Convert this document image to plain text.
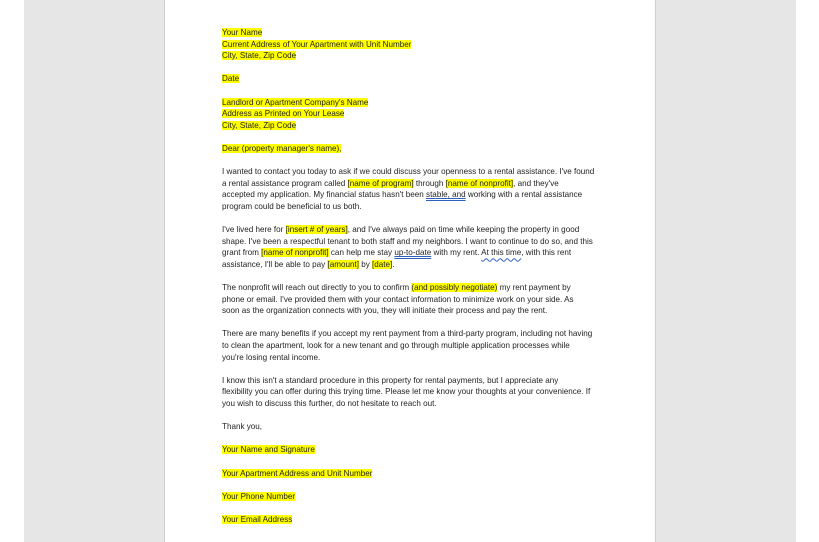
Your Name
Current Address of Your Apartment with Unit Number
City, State, Zip Code
Date
Landlord or Apartment Company's Name
Address as Printed on Your Lease
City, State, Zip Code
Dear (property manager's name),
I wanted to contact you today to ask if we could discuss your openness to a rental assistance. I've found
a rental assistance program called [name of program] through [name of nonprofit], and they've
accepted my application. My financial status hasn't been stable, and working with a rental assistance
program could be beneficial to us both.
I've lived here for [insert # of years], and I've always paid on time while keeping the property in good
shape. I've been a respectful tenant to both staff and my neighbors. I want to continue to do so, and this
grant from [name of nonprofit] can help me stay up-to-date with my rent. At this time, with this rent
assistance, I'll be able to pay [amount] by [date].
The nonprofit will reach out directly to you to confirm (and possibly negotiate) my rent payment by
phone or email. I've provided them with your contact information to minimize work on your side. As
soon as the organization connects with you, they will initiate their process and pay the rent.
There are many benefits if you accept my rent payment from a third-party program, including not having
to clean the apartment, look for a new tenant and go through multiple application processes while
you're losing rental income.
I know this isn't a standard procedure in this property for rental payments, but I appreciate any
flexibility you can offer during this trying time. Please let me know your thoughts at your convenience. If
you wish to discuss this further, do not hesitate to reach out.
Thank you,
Your Name and Signature
Your Apartment Address and Unit Number
Your Phone Number
Your Email Address
